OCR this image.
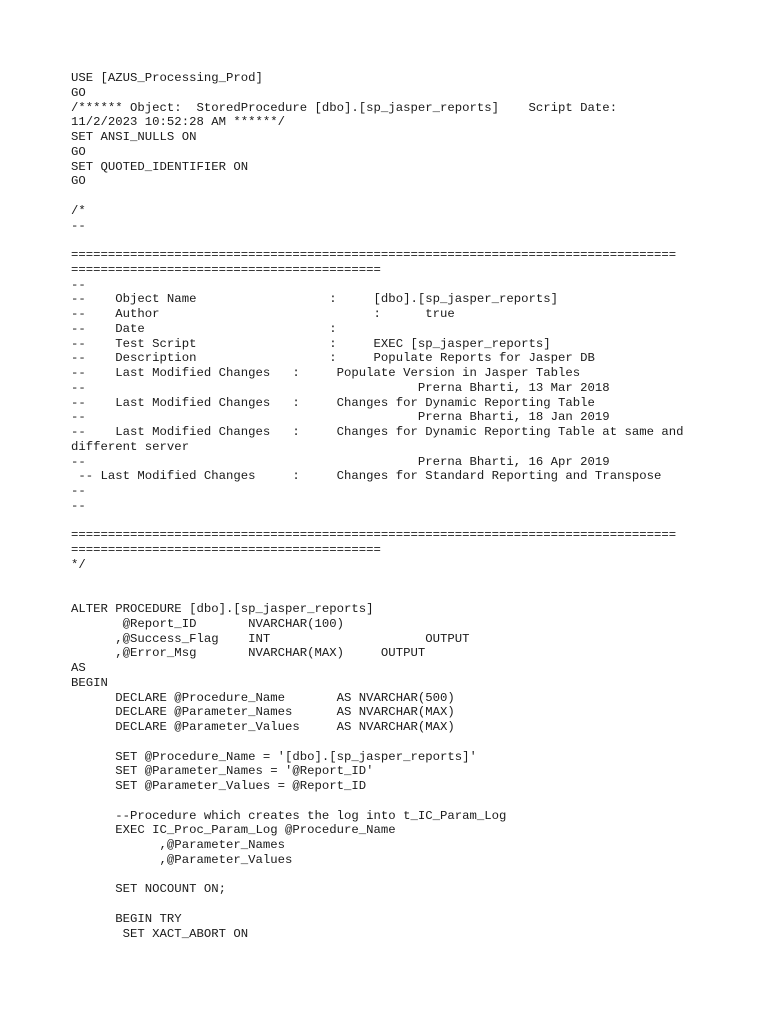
USE [AZUS_Processing_Prod]
GO
/****** Object:  StoredProcedure [dbo].[sp_jasper_reports]    Script Date:
11/2/2023 10:52:28 AM ******/
SET ANSI_NULLS ON
GO
SET QUOTED_IDENTIFIER ON
GO
/*
--
==================================================================================
==========================================
--
--    Object Name                  :     [dbo].[sp_jasper_reports]
--    Author                             :      true
--    Date                         :
--    Test Script                  :     EXEC [sp_jasper_reports]
--    Description                  :     Populate Reports for Jasper DB
--    Last Modified Changes   :     Populate Version in Jasper Tables
--                                             Prerna Bharti, 13 Mar 2018
--    Last Modified Changes   :     Changes for Dynamic Reporting Table
--                                             Prerna Bharti, 18 Jan 2019
--    Last Modified Changes   :     Changes for Dynamic Reporting Table at same and
different server
--                                             Prerna Bharti, 16 Apr 2019
-- Last Modified Changes     :     Changes for Standard Reporting and Transpose
--
--
==================================================================================
==========================================
*/
ALTER PROCEDURE [dbo].[sp_jasper_reports]
@Report_ID       NVARCHAR(100)
,@Success_Flag    INT                     OUTPUT
,@Error_Msg       NVARCHAR(MAX)     OUTPUT
AS
BEGIN
DECLARE @Procedure_Name       AS NVARCHAR(500)
DECLARE @Parameter_Names      AS NVARCHAR(MAX)
DECLARE @Parameter_Values     AS NVARCHAR(MAX)
SET @Procedure_Name = '[dbo].[sp_jasper_reports]'
SET @Parameter_Names = '@Report_ID'
SET @Parameter_Values = @Report_ID
--Procedure which creates the log into t_IC_Param_Log
EXEC IC_Proc_Param_Log @Procedure_Name
,@Parameter_Names
,@Parameter_Values
SET NOCOUNT ON;
BEGIN TRY
SET XACT_ABORT ON
